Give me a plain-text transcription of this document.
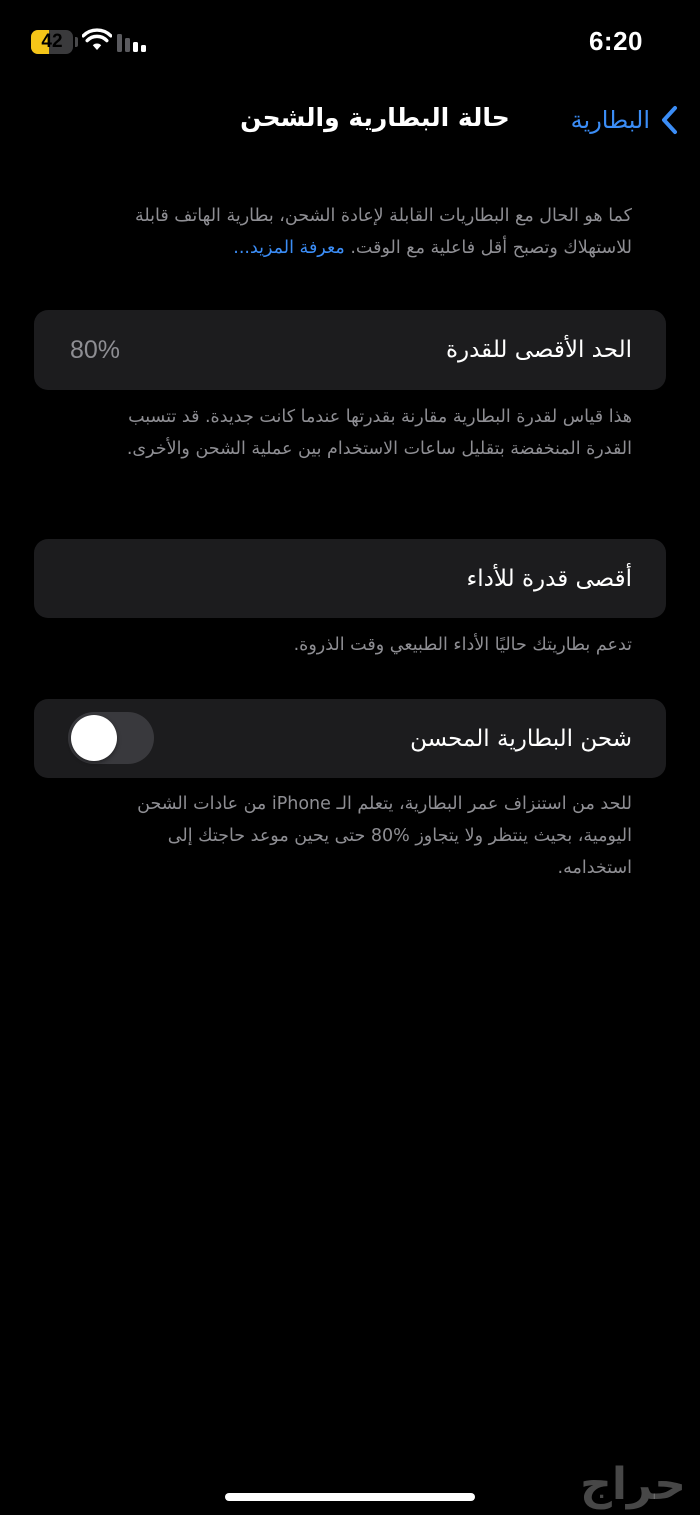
42	6:20
البطارية
حالة البطارية والشحن
كما هو الحال مع البطاريات القابلة لإعادة الشحن، بطارية الهاتف قابلة للاستهلاك وتصبح أقل فاعلية مع الوقت. معرفة المزيد...
الحد الأقصى للقدرة
80%
هذا قياس لقدرة البطارية مقارنة بقدرتها عندما كانت جديدة. قد تتسبب القدرة المنخفضة بتقليل ساعات الاستخدام بين عملية الشحن والأخرى.
أقصى قدرة للأداء
تدعم بطاريتك حاليًا الأداء الطبيعي وقت الذروة.
شحن البطارية المحسن
للحد من استنزاف عمر البطارية، يتعلم الـ iPhone من عادات الشحن اليومية، بحيث ينتظر ولا يتجاوز %80 حتى يحين موعد حاجتك إلى استخدامه.
حراج
